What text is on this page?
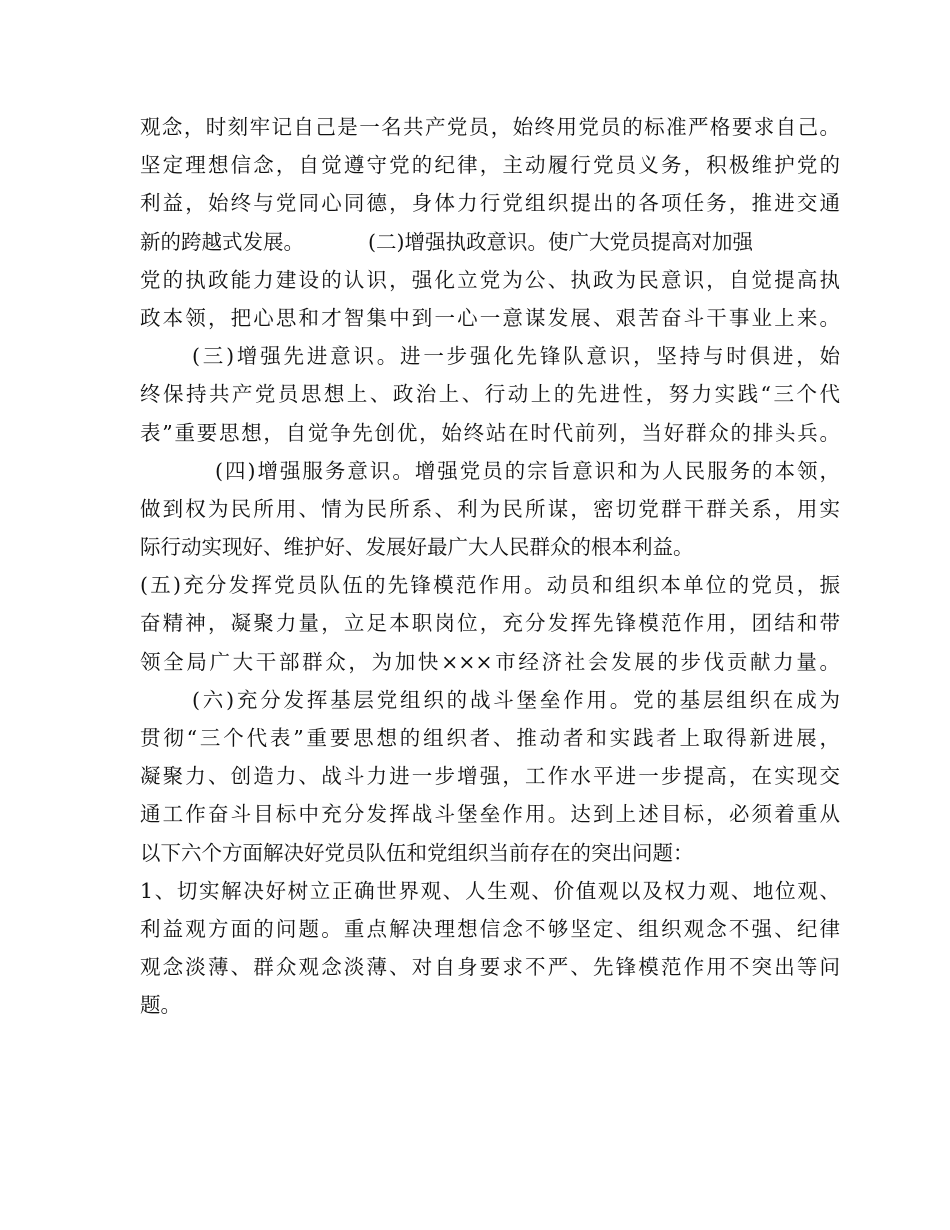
观念，时刻牢记自己是一名共产党员，始终用党员的标准严格要求自己。
坚定理想信念，自觉遵守党的纪律，主动履行党员义务，积极维护党的
利益，始终与党同心同德，身体力行党组织提出的各项任务，推进交通
新的跨越式发展。	(二)增强执政意识。使广大党员提高对加强
党的执政能力建设的认识，强化立党为公、执政为民意识，自觉提高执
政本领，把心思和才智集中到一心一意谋发展、艰苦奋斗干事业上来。
(三)增强先进意识。进一步强化先锋队意识，坚持与时俱进，始
终保持共产党员思想上、政治上、行动上的先进性，努力实践“三个代
表”重要思想，自觉争先创优，始终站在时代前列，当好群众的排头兵。
(四)增强服务意识。增强党员的宗旨意识和为人民服务的本领，
做到权为民所用、情为民所系、利为民所谋，密切党群干群关系，用实
际行动实现好、维护好、发展好最广大人民群众的根本利益。
(五)充分发挥党员队伍的先锋模范作用。动员和组织本单位的党员，振
奋精神，凝聚力量，立足本职岗位，充分发挥先锋模范作用，团结和带
领全局广大干部群众，为加快×××市经济社会发展的步伐贡献力量。
(六)充分发挥基层党组织的战斗堡垒作用。党的基层组织在成为
贯彻“三个代表”重要思想的组织者、推动者和实践者上取得新进展，
凝聚力、创造力、战斗力进一步增强，工作水平进一步提高，在实现交
通工作奋斗目标中充分发挥战斗堡垒作用。达到上述目标，必须着重从
以下六个方面解决好党员队伍和党组织当前存在的突出问题：
1、切实解决好树立正确世界观、人生观、价值观以及权力观、地位观、
利益观方面的问题。重点解决理想信念不够坚定、组织观念不强、纪律
观念淡薄、群众观念淡薄、对自身要求不严、先锋模范作用不突出等问
题。
